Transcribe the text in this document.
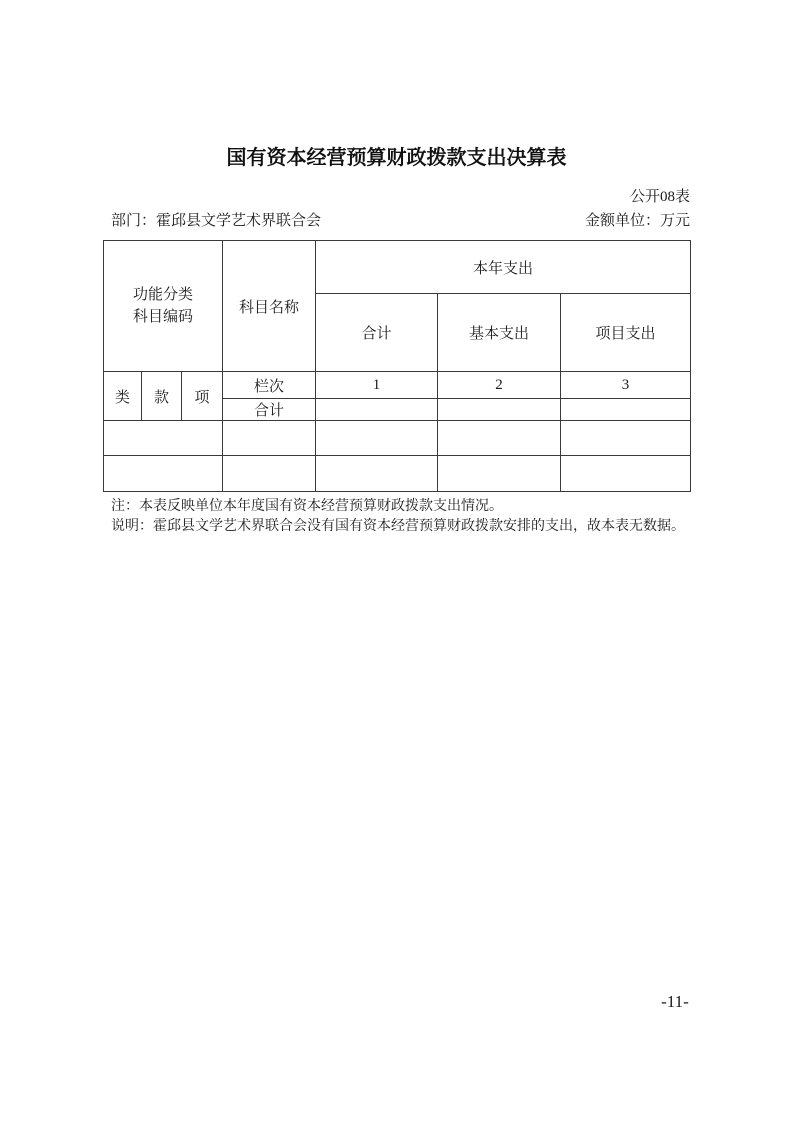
国有资本经营预算财政拨款支出决算表
公开08表
部门：霍邱县文学艺术界联合会	金额单位：万元
功能分类
科目编码			科目名称	本年支出		
				合计	基本支出	项目支出
类	款	项	栏次	1	2	3
			合计			

注：本表反映单位本年度国有资本经营预算财政拨款支出情况。
说明：霍邱县文学艺术界联合会没有国有资本经营预算财政拨款安排的支出，故本表无数据。
-11-
